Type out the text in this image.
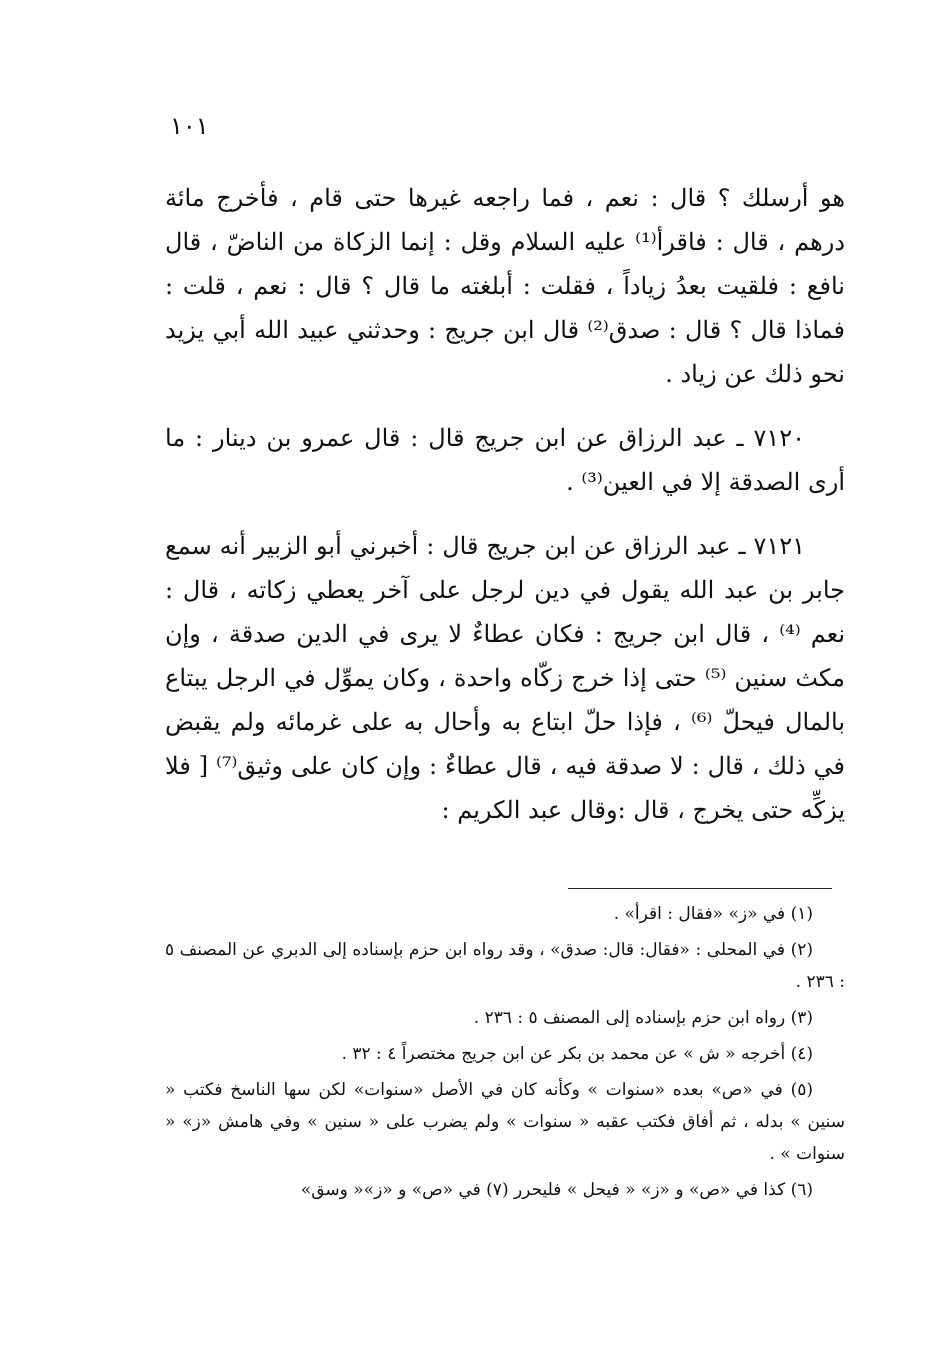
١٠١

هو أرسلك ؟ قال : نعم ، فما راجعه غيرها حتى قام ، فأخرج مائة درهم ، قال : فاقرأ⁽¹⁾ عليه السلام وقل : إنما الزكاة من الناضّ ، قال نافع : فلقيت بعدُ زياداً ، فقلت : أبلغته ما قال ؟ قال : نعم ، قلت : فماذا قال ؟ قال : صدق⁽²⁾ قال ابن جريج : وحدثني عبيد الله أبي يزيد نحو ذلك عن زياد .

٧١٢٠ ـ عبد الرزاق عن ابن جريج قال : قال عمرو بن دينار : ما أرى الصدقة إلا في العين⁽³⁾ .

٧١٢١ ـ عبد الرزاق عن ابن جريج قال : أخبرني أبو الزبير أنه سمع جابر بن عبد الله يقول في دين لرجل على آخر يعطي زكاته ، قال : نعم ⁽⁴⁾ ، قال ابن جريج : فكان عطاءٌ لا يرى في الدين صدقة ، وإن مكث سنين ⁽⁵⁾ حتى إذا خرج زكّاه واحدة ، وكان يموِّل في الرجل يبتاع بالمال فيحلّ ⁽⁶⁾ ، فإذا حلّ ابتاع به وأحال به على غرمائه ولم يقبض في ذلك ، قال : لا صدقة فيه ، قال عطاءٌ : وإن كان على وثيق⁽⁷⁾ [ فلا يزكِّه حتى يخرج ، قال :وقال عبد الكريم :

(١) في «ز» «فقال : اقرأ» .

(٢) في المحلى : «فقال: قال: صدق» ، وقد رواه ابن حزم بإسناده إلى الدبري عن المصنف ٥ : ٢٣٦ .

(٣) رواه ابن حزم بإسناده إلى المصنف ٥ : ٢٣٦ .

(٤) أخرجه « ش » عن محمد بن بكر عن ابن جريج مختصراً ٤ : ٣٢ .

(٥) في «ص» بعده «سنوات » وكأنه كان في الأصل «سنوات» لكن سها الناسخ فكتب « سنين » بدله ، ثم أفاق فكتب عقبه « سنوات » ولم يضرب على « سنين » وفي هامش «ز» « سنوات » .

(٦) كذا في «ص» و «ز» « فيحل » فليحرر (٧) في «ص» و «ز»« وسق»
